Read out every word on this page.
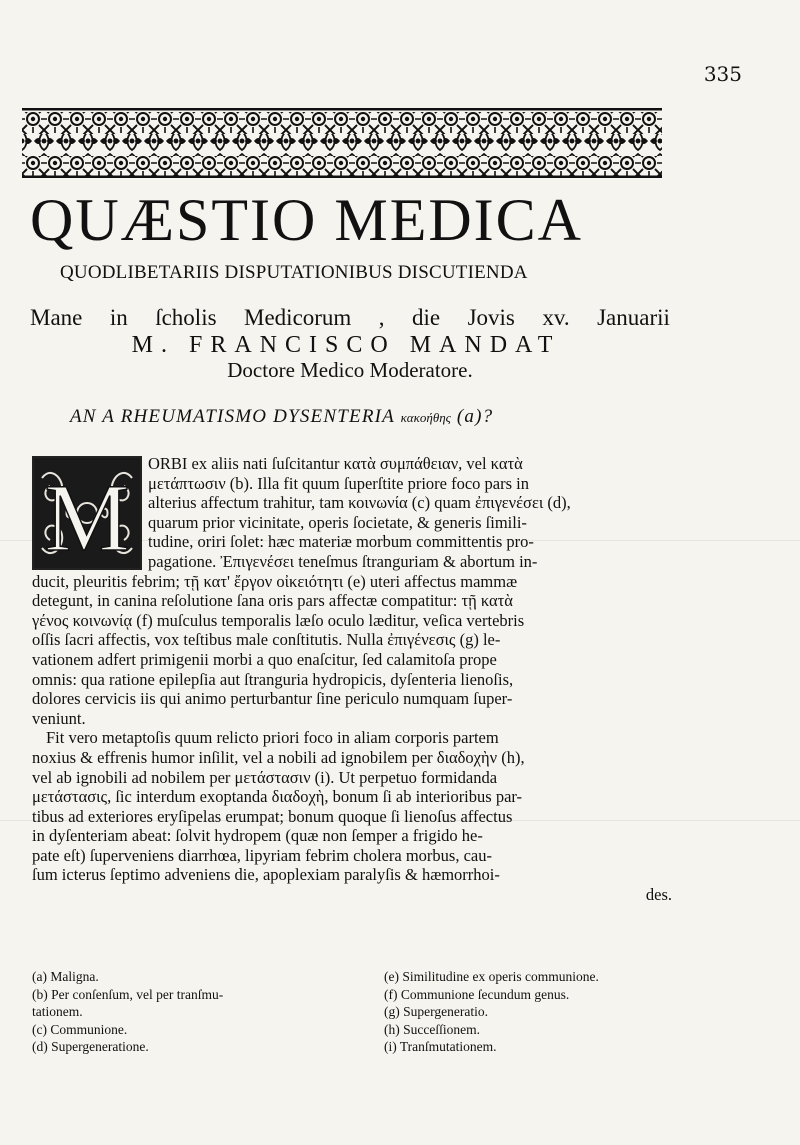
335
QUÆSTIO MEDICA
QUODLIBETARIIS DISPUTATIONIBUS DISCUTIENDA
Mane in ſcholis Medicorum , die Jovis xv. Januarii
M. FRANCISCO MANDAT
Doctore Medico Moderatore.
AN A RHEUMATISMO DYSENTERIA κακοήθης (a)?
M
ORBI ex aliis nati ſuſcitantur κατὰ συμπάθειαν, vel κατὰ
μετάπτωσιν (b). Illa fit quum ſuperſtite priore foco pars in
alterius affectum trahitur, tam κοινωνία (c) quam ἐπιγενέσει (d),
quarum prior vicinitate, operis ſocietate, & generis ſimili-
tudine, oriri ſolet: hæc materiæ morbum committentis pro-
pagatione. Ἐπιγενέσει teneſmus ſtranguriam & abortum in-
ducit, pleuritis febrim; τῇ κατ' ἔργον οἰκειότητι (e) uteri affectus mammæ
detegunt, in canina reſolutione ſana oris pars affectæ compatitur: τῇ κατὰ
γένος κοινωνίᾳ (f) muſculus temporalis læſo oculo læditur, veſica vertebris
oſſis ſacri affectis, vox teſtibus male conſtitutis. Nulla ἐπιγένεσις (g) le-
vationem adfert primigenii morbi a quo enaſcitur, ſed calamitoſa prope
omnis: qua ratione epilepſia aut ſtranguria hydropicis, dyſenteria lienoſis,
dolores cervicis iis qui animo perturbantur ſine periculo numquam ſuper-
veniunt.
Fit vero metaptoſis quum relicto priori foco in aliam corporis partem
noxius & effrenis humor inſilit, vel a nobili ad ignobilem per διαδοχὴν (h),
vel ab ignobili ad nobilem per μετάστασιν (i). Ut perpetuo formidanda
μετάστασις, ſic interdum exoptanda διαδοχὴ, bonum ſi ab interioribus par-
tibus ad exteriores eryſipelas erumpat; bonum quoque ſi lienoſus affectus
in dyſenteriam abeat: ſolvit hydropem (quæ non ſemper a frigido he-
pate eſt) ſuperveniens diarrhœa, lipyriam febrim cholera morbus, cau-
ſum icterus ſeptimo adveniens die, apoplexiam paralyſis & hæmorrhoi-
des.
(a) Maligna.
(b) Per conſenſum, vel per tranſmu-
tationem.
(c) Communione.
(d) Supergeneratione.
(e) Similitudine ex operis communione.
(f) Communione ſecundum genus.
(g) Supergeneratio.
(h) Succeſſionem.
(i) Tranſmutationem.
